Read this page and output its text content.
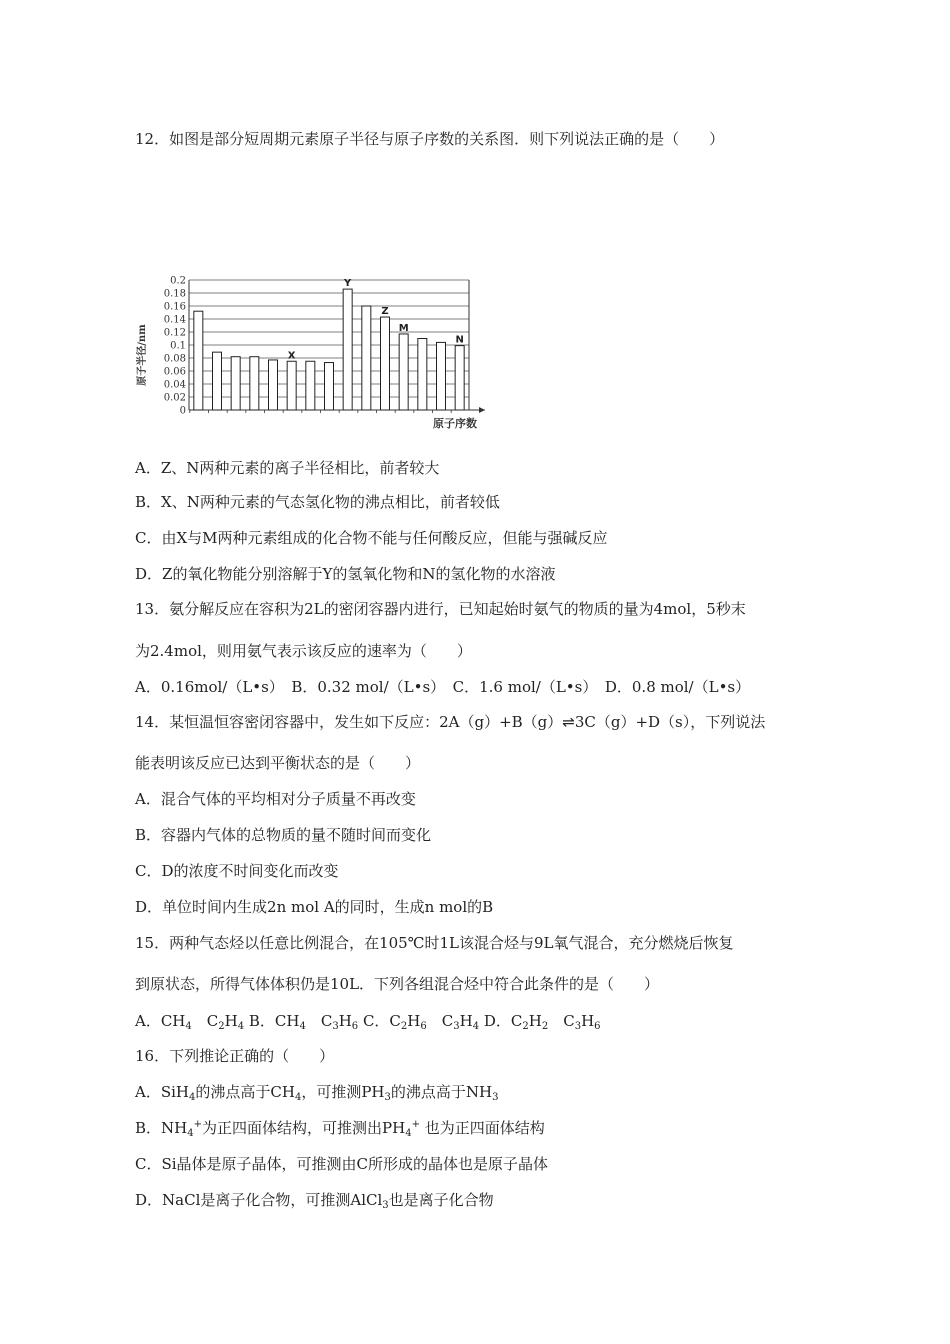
12．如图是部分短周期元素原子半径与原子序数的关系图．则下列说法正确的是（　　）
0.2
0.18
0.16
0.14
0.12
0.1
0.08
0.06
0.04
0.02
0
X
Y
Z
M
N
原子半径/nm
原子序数
A．Z、N两种元素的离子半径相比，前者较大
B．X、N两种元素的气态氢化物的沸点相比，前者较低
C．由X与M两种元素组成的化合物不能与任何酸反应，但能与强碱反应
D．Z的氧化物能分别溶解于Y的氢氧化物和N的氢化物的水溶液
13．氨分解反应在容积为2L的密闭容器内进行，已知起始时氨气的物质的量为4mol，5秒末
为2.4mol，则用氨气表示该反应的速率为（　　）
A．0.16mol/（L•s）　B．0.32 mol/（L•s）　C．1.6 mol/（L•s）　D．0.8 mol/（L•s）
14．某恒温恒容密闭容器中，发生如下反应：2A（g）+B（g）⇌3C（g）+D（s），下列说法
能表明该反应已达到平衡状态的是（　　）
A．混合气体的平均相对分子质量不再改变
B．容器内气体的总物质的量不随时间而变化
C．D的浓度不时间变化而改变
D．单位时间内生成2n mol A的同时，生成n mol的B
15．两种气态烃以任意比例混合，在105℃时1L该混合烃与9L氧气混合，充分燃烧后恢复
到原状态，所得气体体积仍是10L．下列各组混合烃中符合此条件的是（　　）
A．$CH_4$　$C_2H_4$ B．$CH_4$　$C_3H_6$ C．$C_2H_6$　$C_3H_4$ D．$C_2H_2$　$C_3H_6$
16．下列推论正确的（　　）
A．SiH$_4$的沸点高于$CH_4$，可推测$PH_3$的沸点高于$NH_3$
B．$NH_4^+$为正四面体结构，可推测出$PH_4^+$ 也为正四面体结构
C．Si晶体是原子晶体，可推测由C所形成的晶体也是原子晶体
D．NaCl是离子化合物，可推测AlCl$_3$也是离子化合物
